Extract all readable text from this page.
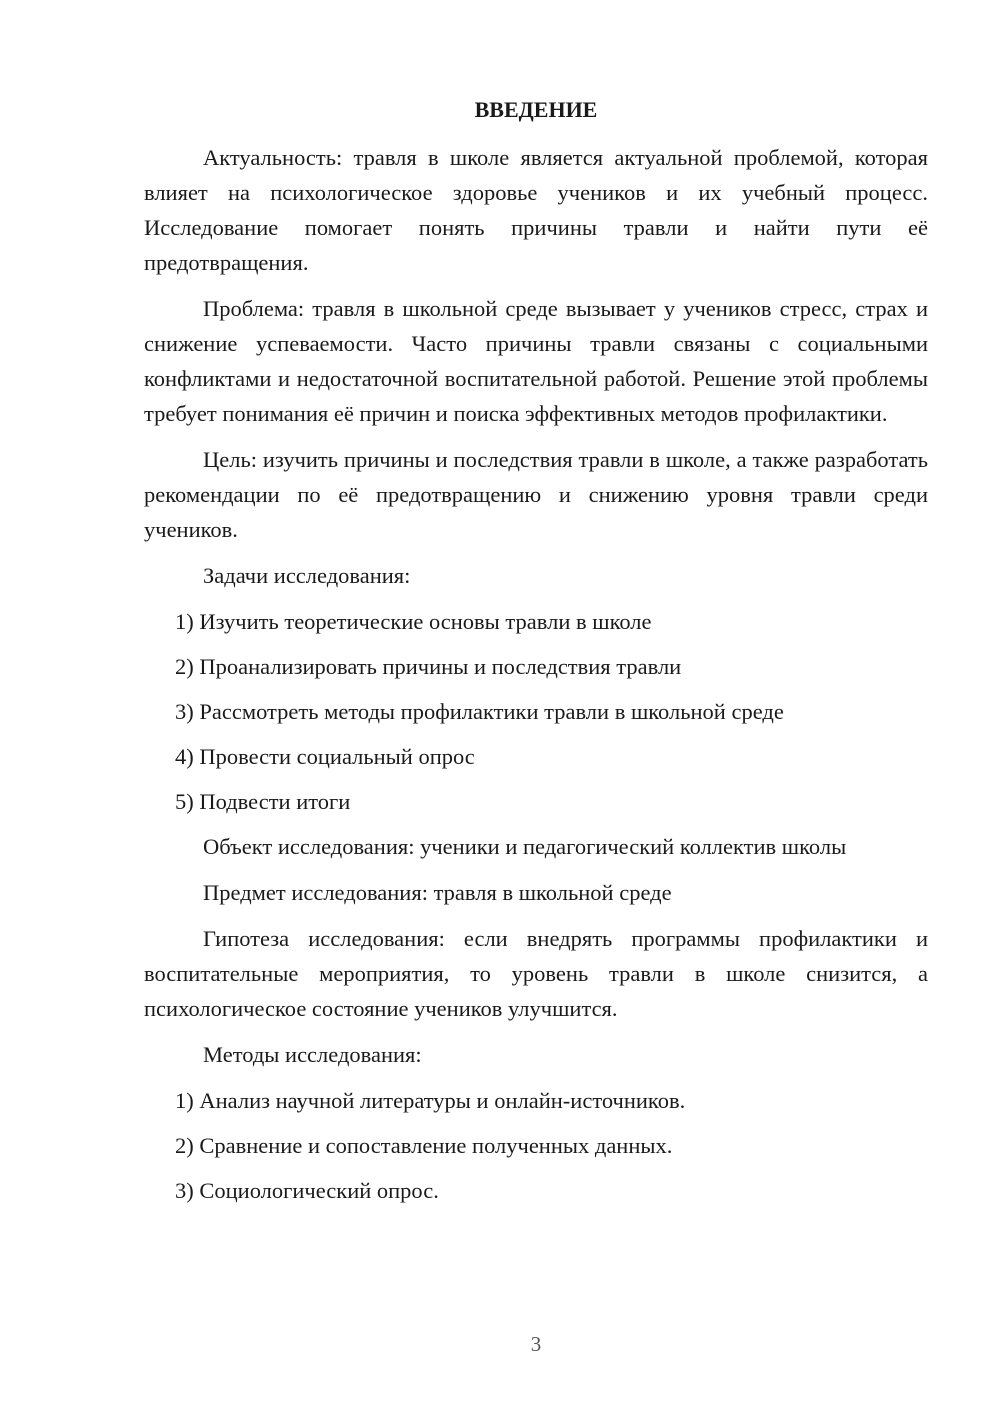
ВВЕДЕНИЕ
Актуальность: травля в школе является актуальной проблемой, которая влияет на психологическое здоровье учеников и их учебный процесс. Исследование помогает понять причины травли и найти пути её предотвращения.
Проблема: травля в школьной среде вызывает у учеников стресс, страх и снижение успеваемости. Часто причины травли связаны с социальными конфликтами и недостаточной воспитательной работой. Решение этой проблемы требует понимания её причин и поиска эффективных методов профилактики.
Цель: изучить причины и последствия травли в школе, а также разработать рекомендации по её предотвращению и снижению уровня травли среди учеников.
Задачи исследования:
1) Изучить теоретические основы травли в школе
2) Проанализировать причины и последствия травли
3) Рассмотреть методы профилактики травли в школьной среде
4) Провести социальный опрос
5) Подвести итоги
Объект исследования: ученики и педагогический коллектив школы
Предмет исследования: травля в школьной среде
Гипотеза исследования: если внедрять программы профилактики и воспитательные мероприятия, то уровень травли в школе снизится, а психологическое состояние учеников улучшится.
Методы исследования:
1) Анализ научной литературы и онлайн-источников.
2) Сравнение и сопоставление полученных данных.
3) Социологический опрос.
3
